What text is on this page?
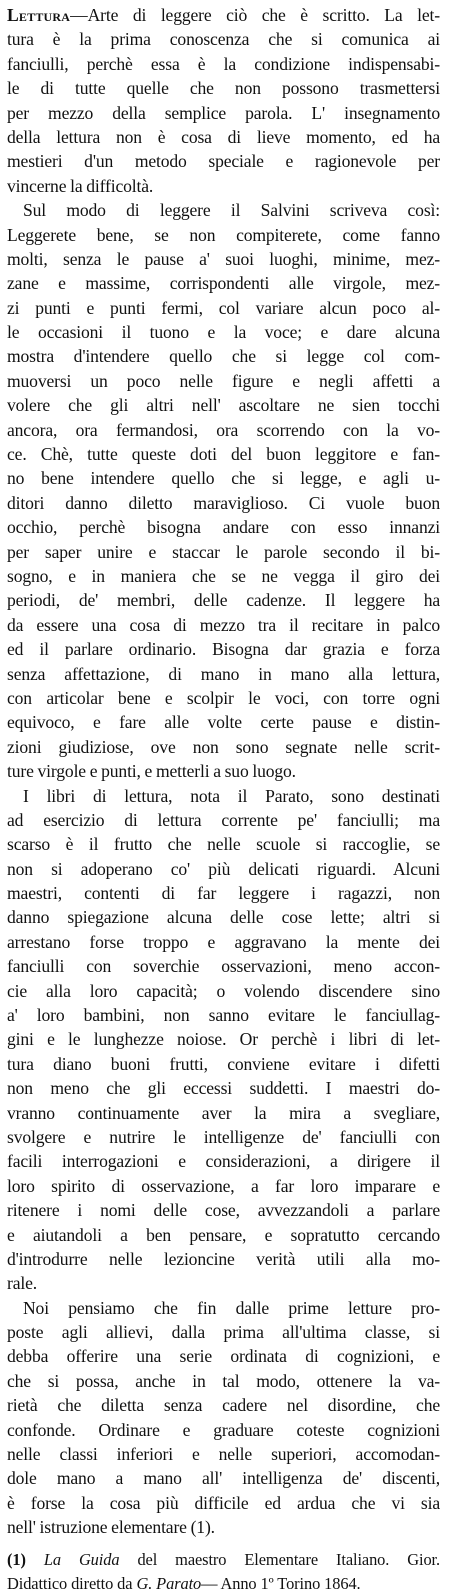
Lettura—Arte di leggere ciò che è scritto. La let-
tura è la prima conoscenza che si comunica ai
fanciulli, perchè essa è la condizione indispensabi-
le di tutte quelle che non possono trasmettersi
per mezzo della semplice parola. L' insegnamento
della lettura non è cosa di lieve momento, ed ha
mestieri d'un metodo speciale e ragionevole per
vincerne la difficoltà.
Sul modo di leggere il Salvini scriveva così:
Leggerete bene, se non compiterete, come fanno
molti, senza le pause a' suoi luoghi, minime, mez-
zane e massime, corrispondenti alle virgole, mez-
zi punti e punti fermi, col variare alcun poco al-
le occasioni il tuono e la voce; e dare alcuna
mostra d'intendere quello che si legge col com-
muoversi un poco nelle figure e negli affetti a
volere che gli altri nell' ascoltare ne sien tocchi
ancora, ora fermandosi, ora scorrendo con la vo-
ce. Chè, tutte queste doti del buon leggitore e fan-
no bene intendere quello che si legge, e agli u-
ditori danno diletto maraviglioso. Ci vuole buon
occhio, perchè bisogna andare con esso innanzi
per saper unire e staccar le parole secondo il bi-
sogno, e in maniera che se ne vegga il giro dei
periodi, de' membri, delle cadenze. Il leggere ha
da essere una cosa di mezzo tra il recitare in palco
ed il parlare ordinario. Bisogna dar grazia e forza
senza affettazione, di mano in mano alla lettura,
con articolar bene e scolpir le voci, con torre ogni
equivoco, e fare alle volte certe pause e distin-
zioni giudiziose, ove non sono segnate nelle scrit-
ture virgole e punti, e metterli a suo luogo.
I libri di lettura, nota il Parato, sono destinati
ad esercizio di lettura corrente pe' fanciulli; ma
scarso è il frutto che nelle scuole si raccoglie, se
non si adoperano co' più delicati riguardi. Alcuni
maestri, contenti di far leggere i ragazzi, non
danno spiegazione alcuna delle cose lette; altri si
arrestano forse troppo e aggravano la mente dei
fanciulli con soverchie osservazioni, meno accon-
cie alla loro capacità; o volendo discendere sino
a' loro bambini, non sanno evitare le fanciullag-
gini e le lunghezze noiose. Or perchè i libri di let-
tura diano buoni frutti, conviene evitare i difetti
non meno che gli eccessi suddetti. I maestri do-
vranno continuamente aver la mira a svegliare,
svolgere e nutrire le intelligenze de' fanciulli con
facili interrogazioni e considerazioni, a dirigere il
loro spirito di osservazione, a far loro imparare e
ritenere i nomi delle cose, avvezzandoli a parlare
e aiutandoli a ben pensare, e sopratutto cercando
d'introdurre nelle lezioncine verità utili alla mo-
rale.
Noi pensiamo che fin dalle prime letture pro-
poste agli allievi, dalla prima all'ultima classe, si
debba offerire una serie ordinata di cognizioni, e
che si possa, anche in tal modo, ottenere la va-
rietà che diletta senza cadere nel disordine, che
confonde. Ordinare e graduare coteste cognizioni
nelle classi inferiori e nelle superiori, accomodan-
dole mano a mano all' intelligenza de' discenti,
è forse la cosa più difficile ed ardua che vi sia
nell' istruzione elementare (1).
(1) La Guida del maestro Elementare Italiano. Gior.
Didattico diretto da G. Parato— Anno 1º Torino 1864.
